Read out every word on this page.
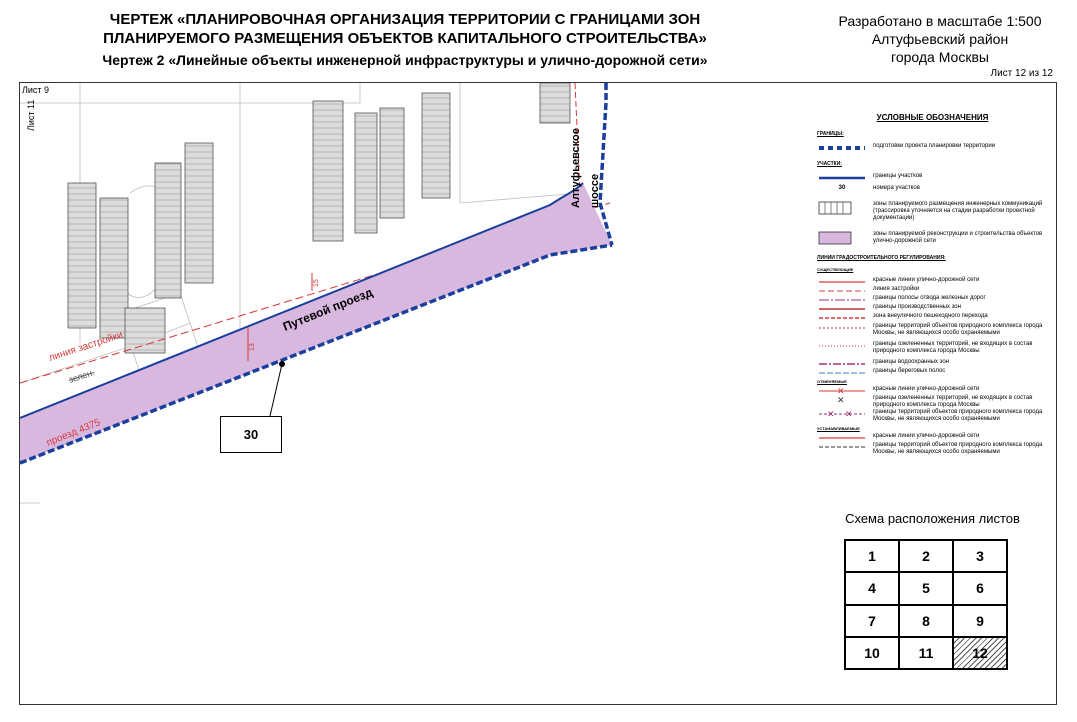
ЧЕРТЕЖ «ПЛАНИРОВОЧНАЯ ОРГАНИЗАЦИЯ ТЕРРИТОРИИ С ГРАНИЦАМИ ЗОН
ПЛАНИРУЕМОГО РАЗМЕЩЕНИЯ ОБЪЕКТОВ КАПИТАЛЬНОГО СТРОИТЕЛЬСТВА»
Чертеж 2 «Линейные объекты инженерной инфраструктуры и улично-дорожной сети»
Разработано в масштабе 1:500
Алтуфьевский район
города Москвы
Лист 12 из 12
Лист 9
Лист 11
Путевой проезд
проезд 4375
линия застройки
зелен.
Алтуфьевское шоссе
13
15
30
УСЛОВНЫЕ ОБОЗНАЧЕНИЯ
ГРАНИЦЫ:
подготовки проекта планировки территории
УЧАСТКИ:
границы участков
30	номера участков
зоны планируемого размещения инженерных коммуникаций (трассировка уточняется на стадии разработки проектной документации)
зоны планируемой реконструкции и строительства объектов улично-дорожной сети
ЛИНИИ ГРАДОСТРОИТЕЛЬНОГО РЕГУЛИРОВАНИЯ:
СУЩЕСТВУЮЩИЕ
красные линии улично-дорожной сети
линия застройки
границы полосы отвода железных дорог
границы производственных зон
зона внеуличного пешеходного перехода
границы территорий объектов природного комплекса города Москвы, не являющихся особо охраняемыми
границы озелененных территорий, не входящих в состав природного комплекса города Москвы
границы водоохранных зон
границы береговых полос
ОТМЕНЯЕМЫЕ
✕	красные линии улично-дорожной сети
✕	границы озелененных территорий, не входящих в состав природного комплекса города Москвы
✕ ✕	границы территорий объектов природного комплекса города Москвы, не являющихся особо охраняемыми
УСТАНАВЛИВАЕМЫЕ
красные линии улично-дорожной сети
границы территорий объектов природного комплекса города Москвы, не являющихся особо охраняемыми
Схема расположения листов
1	2	3
4	5	6
7	8	9
10	11	12
